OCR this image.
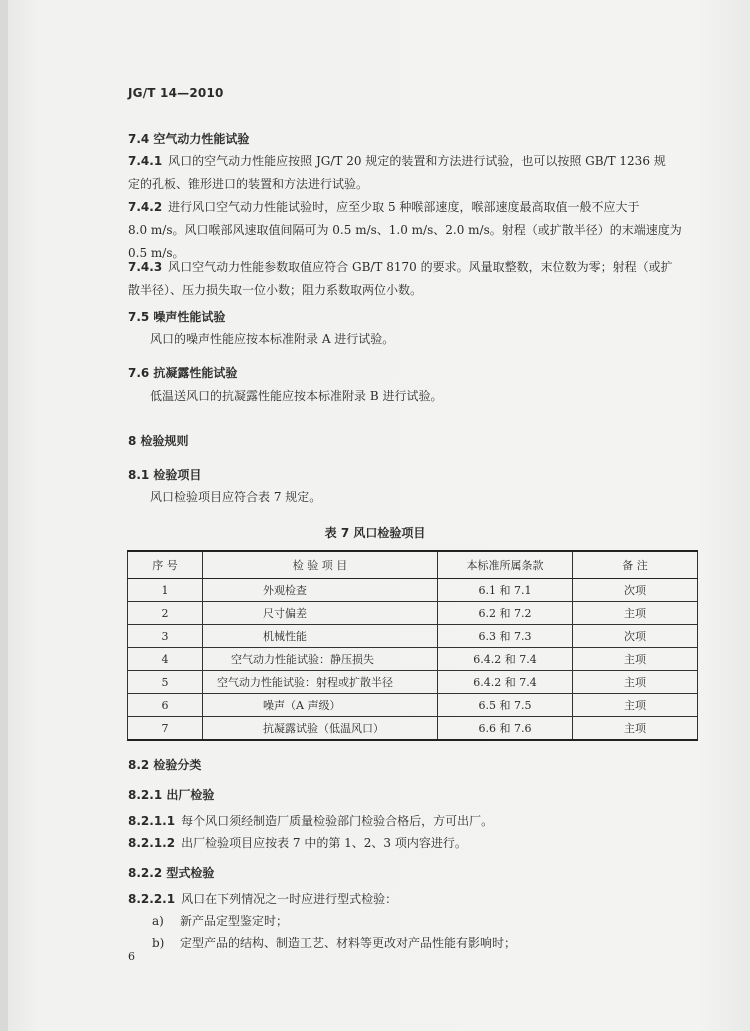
JG/T 14—2010
7.4 空气动力性能试验
7.4.1 风口的空气动力性能应按照 JG/T 20 规定的装置和方法进行试验，也可以按照 GB/T 1236 规
定的孔板、锥形进口的装置和方法进行试验。
7.4.2 进行风口空气动力性能试验时，应至少取 5 种喉部速度，喉部速度最高取值一般不应大于
8.0 m/s。风口喉部风速取值间隔可为 0.5 m/s、1.0 m/s、2.0 m/s。射程（或扩散半径）的末端速度为
0.5 m/s。
7.4.3 风口空气动力性能参数取值应符合 GB/T 8170 的要求。风量取整数，末位数为零；射程（或扩
散半径）、压力损失取一位小数；阻力系数取两位小数。
7.5 噪声性能试验
风口的噪声性能应按本标准附录 A 进行试验。
7.6 抗凝露性能试验
低温送风口的抗凝露性能应按本标准附录 B 进行试验。
8 检验规则
8.1 检验项目
风口检验项目应符合表 7 规定。
表 7 风口检验项目
序 号	检 验 项 目	本标准所属条款	备 注
1	外观检查	6.1 和 7.1	次项
2	尺寸偏差	6.2 和 7.2	主项
3	机械性能	6.3 和 7.3	次项
4	空气动力性能试验：静压损失	6.4.2 和 7.4	主项
5	空气动力性能试验：射程或扩散半径	6.4.2 和 7.4	主项
6	噪声（A 声级）	6.5 和 7.5	主项
7	抗凝露试验（低温风口）	6.6 和 7.6	主项
8.2 检验分类
8.2.1 出厂检验
8.2.1.1 每个风口须经制造厂质量检验部门检验合格后，方可出厂。
8.2.1.2 出厂检验项目应按表 7 中的第 1、2、3 项内容进行。
8.2.2 型式检验
8.2.2.1 风口在下列情况之一时应进行型式检验：
a) 新产品定型鉴定时；
b) 定型产品的结构、制造工艺、材料等更改对产品性能有影响时；
6
